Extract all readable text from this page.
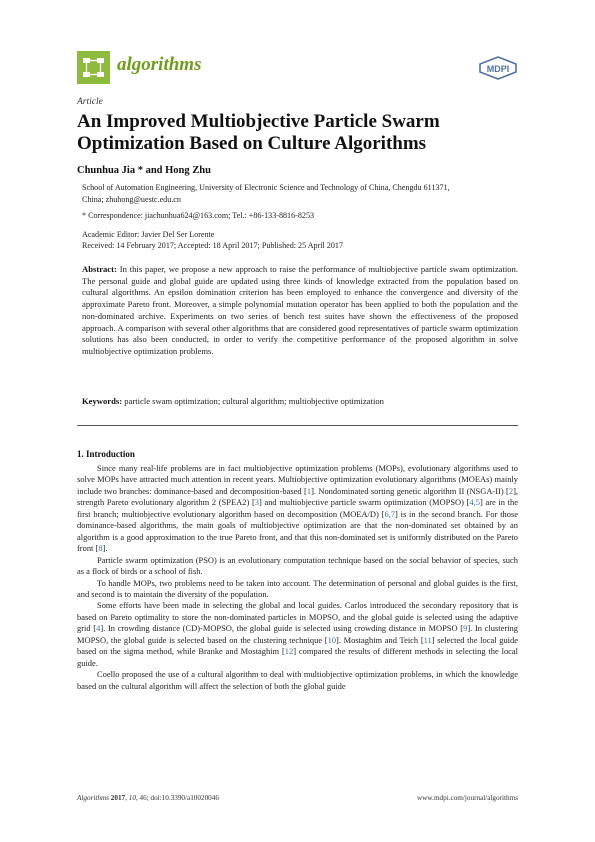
algorithms	MDPI
Article
An Improved Multiobjective Particle Swarm
Optimization Based on Culture Algorithms
Chunhua Jia * and Hong Zhu
School of Automation Engineering, University of Electronic Science and Technology of China, Chengdu 611371,
China; zhuhong@uestc.edu.cn
* Correspondence: jiachunhua624@163.com; Tel.: +86-133-8816-8253
Academic Editor: Javier Del Ser Lorente
Received: 14 February 2017; Accepted: 18 April 2017; Published: 25 April 2017
Abstract: In this paper, we propose a new approach to raise the performance of multiobjective particle swam optimization. The personal guide and global guide are updated using three kinds of knowledge extracted from the population based on cultural algorithms. An epsilon domination criterion has been employed to enhance the convergence and diversity of the approximate Pareto front. Moreover, a simple polynomial mutation operator has been applied to both the population and the non-dominated archive. Experiments on two series of bench test suites have shown the effectiveness of the proposed approach. A comparison with several other algorithms that are considered good representatives of particle swarm optimization solutions has also been conducted, in order to verify the competitive performance of the proposed algorithm in solve multiobjective optimization problems.
Keywords: particle swam optimization; cultural algorithm; multiobjective optimization
1. Introduction

Since many real-life problems are in fact multiobjective optimization problems (MOPs), evolutionary algorithms used to solve MOPs have attracted much attention in recent years. Multiobjective optimization evolutionary algorithms (MOEAs) mainly include two branches: dominance-based and decomposition-based [1]. Nondominated sorting genetic algorithm II (NSGA-II) [2], strength Pareto evolutionary algorithm 2 (SPEA2) [3] and multiobjective particle swarm optimization (MOPSO) [4,5] are in the first branch; multiobjective evolutionary algorithm based on decomposition (MOEA/D) [6,7] is in the second branch. For those dominance-based algorithms, the main goals of multiobjective optimization are that the non-dominated set obtained by an algorithm is a good approximation to the true Pareto front, and that this non-dominated set is uniformly distributed on the Pareto front [8].

Particle swarm optimization (PSO) is an evolutionary computation technique based on the social behavior of species, such as a flock of birds or a school of fish.

To handle MOPs, two problems need to be taken into account. The determination of personal and global guides is the first, and second is to maintain the diversity of the population.

Some efforts have been made in selecting the global and local guides. Carlos introduced the secondary repository that is based on Pareto optimality to store the non-dominated particles in MOPSO, and the global guide is selected using the adaptive grid [4]. In crowding distance (CD)-MOPSO, the global guide is selected using crowding distance in MOPSO [9]. In clustering MOPSO, the global guide is selected based on the clustering technique [10]. Mostaghim and Teich [11] selected the local guide based on the sigma method, while Branke and Mostaghim [12] compared the results of different methods in selecting the local guide.

Coello proposed the use of a cultural algorithm to deal with multiobjective optimization problems, in which the knowledge based on the cultural algorithm will affect the selection of both the global guide

Algorithms 2017, 10, 46; doi:10.3390/a10020046	www.mdpi.com/journal/algorithms
